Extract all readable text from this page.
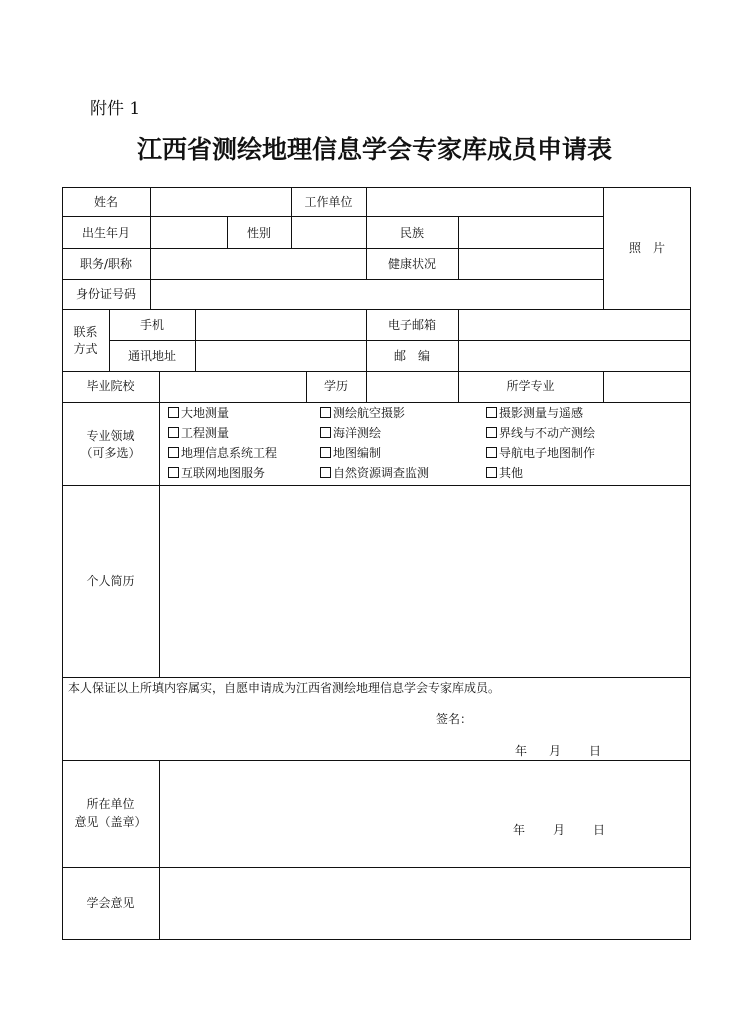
附件 1
江西省测绘地理信息学会专家库成员申请表
姓名	工作单位
照　片
出生年月	性别	民族
职务/职称	健康状况
身份证号码
联系
方式
手机	电子邮箱
通讯地址	邮　编
毕业院校	学历	所学专业
专业领域
（可多选）
大地测量	测绘航空摄影	摄影测量与遥感
工程测量	海洋测绘	界线与不动产测绘
地理信息系统工程	地图编制	导航电子地图制作
互联网地图服务	自然资源调查监测	其他
个人简历
本人保证以上所填内容属实，自愿申请成为江西省测绘地理信息学会专家库成员。
签名：
年 月 日
所在单位
意见（盖章）
年 月 日
学会意见
